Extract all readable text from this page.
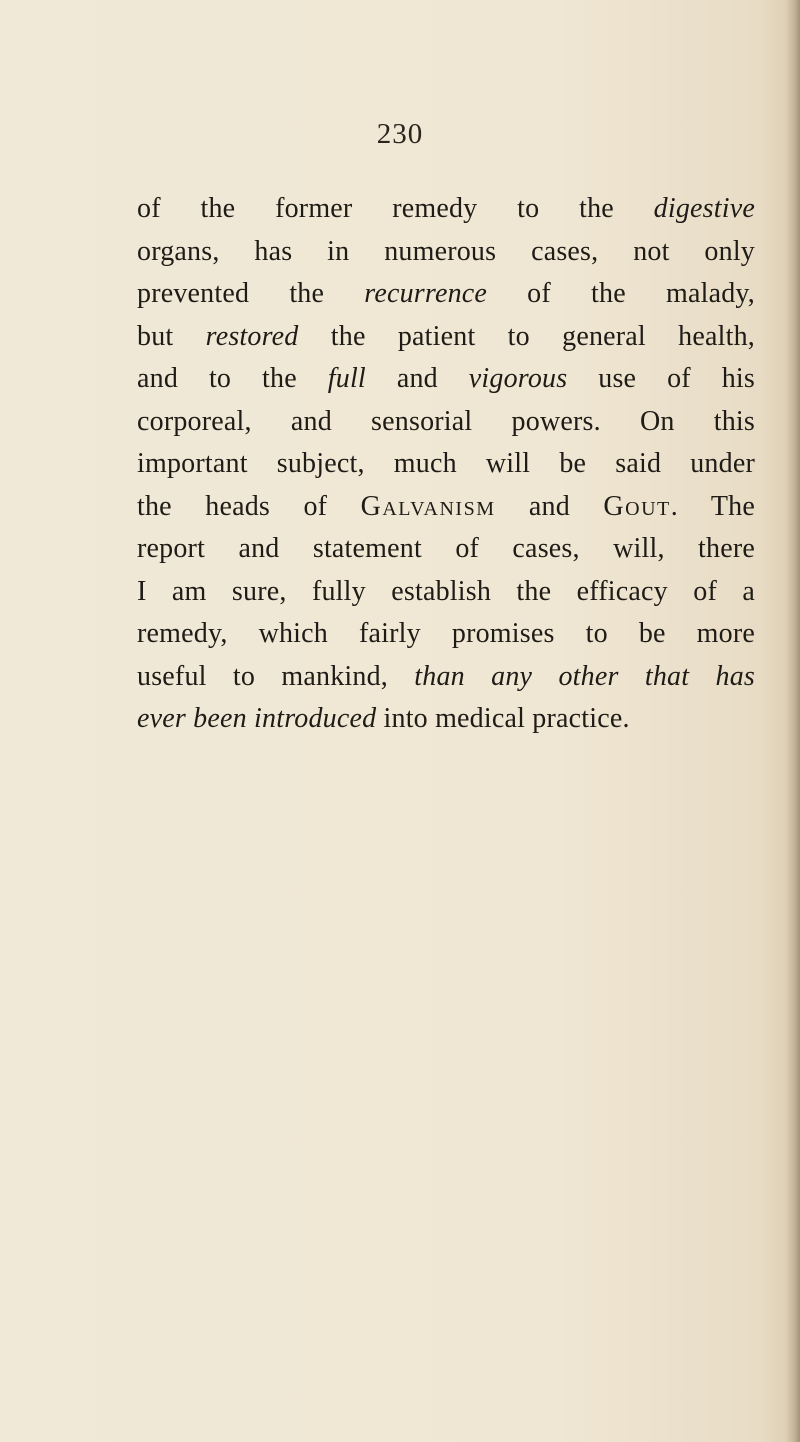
230
of the former remedy to the digestive
organs, has in numerous cases, not only
prevented the recurrence of the malady,
but restored the patient to general health,
and to the full and vigorous use of his
corporeal, and sensorial powers. On this
important subject, much will be said under
the heads of Galvanism and Gout. The
report and statement of cases, will, there
I am sure, fully establish the efficacy of a
remedy, which fairly promises to be more
useful to mankind, than any other that has
ever been introduced into medical practice.
